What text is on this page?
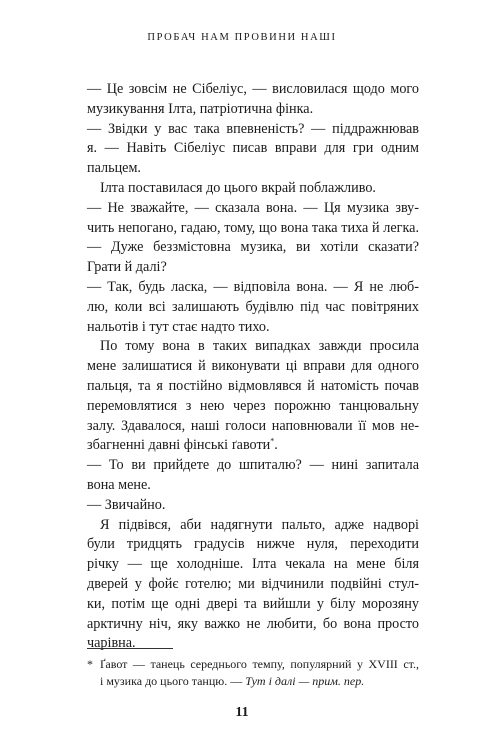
ПРОБАЧ НАМ ПРОВИНИ НАШІ
— Це зовсім не Сібеліус, — висловилася щодо мого
музикування Ілта, патріотична фінка.
— Звідки у вас така впевненість? — піддражнював
я. — Навіть Сібеліус писав вправи для гри одним
пальцем.
Ілта поставилася до цього вкрай поблажливо.
— Не зважайте, — сказала вона. — Ця музика зву-
чить непогано, гадаю, тому, що вона така тиха й легка.
— Дуже беззмістовна музика, ви хотіли сказати?
Грати й далі?
— Так, будь ласка, — відповіла вона. — Я не люб-
лю, коли всі залишають будівлю під час повітряних
нальотів і тут стає надто тихо.
По тому вона в таких випадках завжди просила
мене залишатися й виконувати ці вправи для одного
пальця, та я постійно відмовлявся й натомість почав
перемовлятися з нею через порожню танцювальну
залу. Здавалося, наші голоси наповнювали її мов не-
збагненні давні фінські ґавоти*.
— То ви прийдете до шпиталю? — нині запитала
вона мене.
— Звичайно.
Я підвівся, аби надягнути пальто, адже надворі
були тридцять градусів нижче нуля, переходити
річку — ще холодніше. Ілта чекала на мене біля
дверей у фойє готелю; ми відчинили подвійні стул-
ки, потім ще одні двері та вийшли у білу морозяну
арктичну ніч, яку важко не любити, бо вона просто
чарівна.
* Ґавот — танець середнього темпу, популярний у XVIII ст.,
і музика до цього танцю. — Тут і далі — прим. пер.
11
